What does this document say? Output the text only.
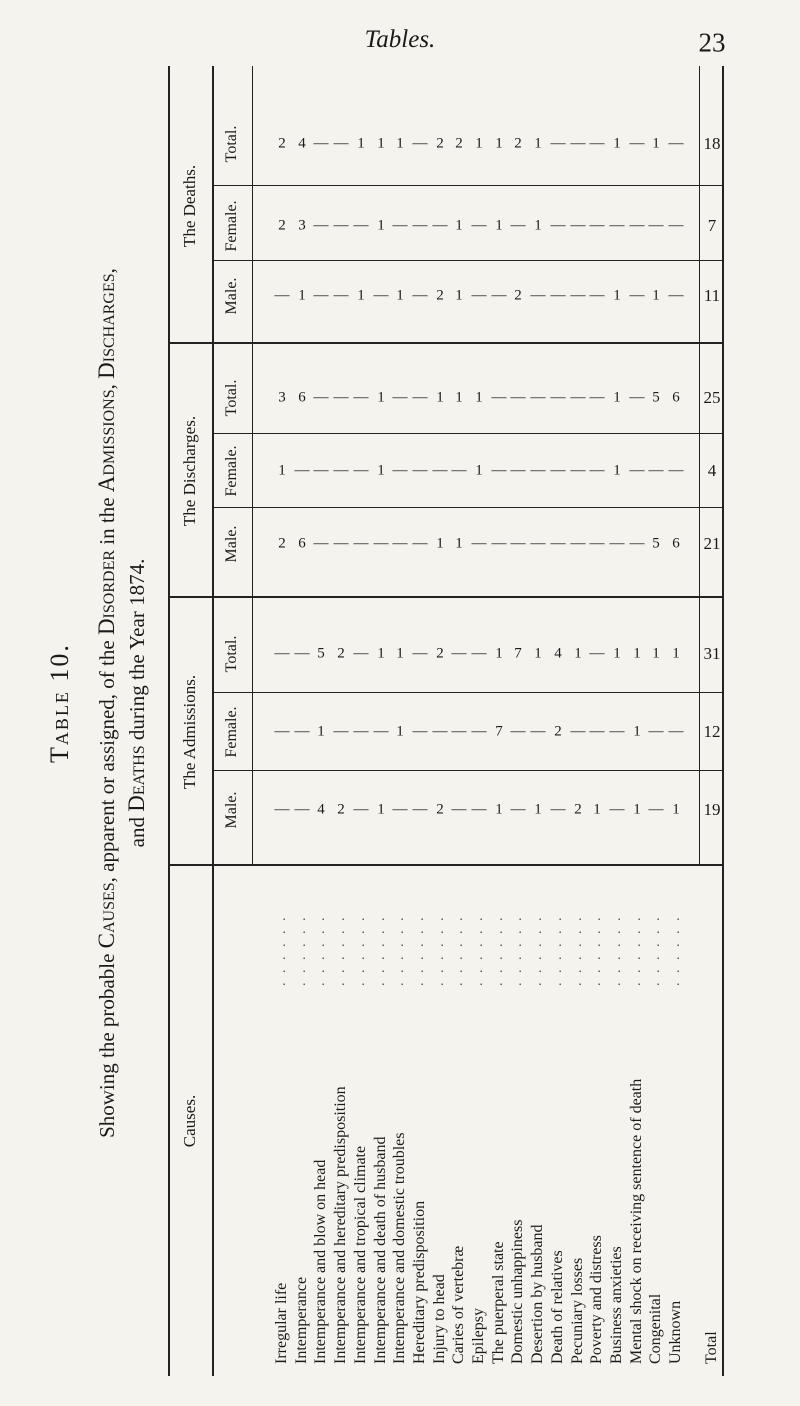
Tables.	23
Table 10.
Showing the probable Causes, apparent or assigned, of the Disorder in the Admissions, Discharges,
and Deaths during the Year 1874.
Causes.
The Admissions.
The Discharges.
The Deaths.
Male.
Female.
Total.
Male.
Female.
Total.
Male.
Female.
Total.
Irregular life
. . . . . .
—
—
—
2
1
3
—
2
2
Intemperance
. . . . . .
—
—
—
6
—
6
1
3
4
Intemperance and blow on head
. . . . . .
4
1
5
—
—
—
—
—
—
Intemperance and hereditary predisposition
. . . . . .
2
—
2
—
—
—
—
—
—
Intemperance and tropical climate
. . . . . .
—
—
—
—
—
—
1
—
1
Intemperance and death of husband
. . . . . .
1
—
1
—
1
1
—
1
1
Intemperance and domestic troubles
. . . . . .
—
1
1
—
—
—
1
—
1
Hereditary predisposition
. . . . . .
—
—
—
—
—
—
—
—
—
Injury to head
. . . . . .
2
—
2
1
—
1
2
—
2
Caries of vertebræ
. . . . . .
—
—
—
1
—
1
1
1
2
Epilepsy
. . . . . .
—
—
—
—
1
1
—
—
1
The puerperal state
. . . . . .
1
7
1
—
—
—
—
1
1
Domestic unhappiness
. . . . . .
—
—
7
—
—
—
2
—
2
Desertion by husband
. . . . . .
1
—
1
—
—
—
—
1
1
Death of relatives
. . . . . .
—
2
4
—
—
—
—
—
—
Pecuniary losses
. . . . . .
2
—
1
—
—
—
—
—
—
Poverty and distress
. . . . . .
1
—
—
—
—
—
—
—
—
Business anxieties
. . . . . .
—
—
1
—
1
1
1
—
1
Mental shock on receiving sentence of death
. . . . . .
1
1
1
—
—
—
—
—
—
Congenital
. . . . . .
—
—
1
5
—
5
1
—
1
Unknown
. . . . . .
1
—
1
6
—
6
—
—
—
Total
19
12
31
21
4
25
11
7
18
